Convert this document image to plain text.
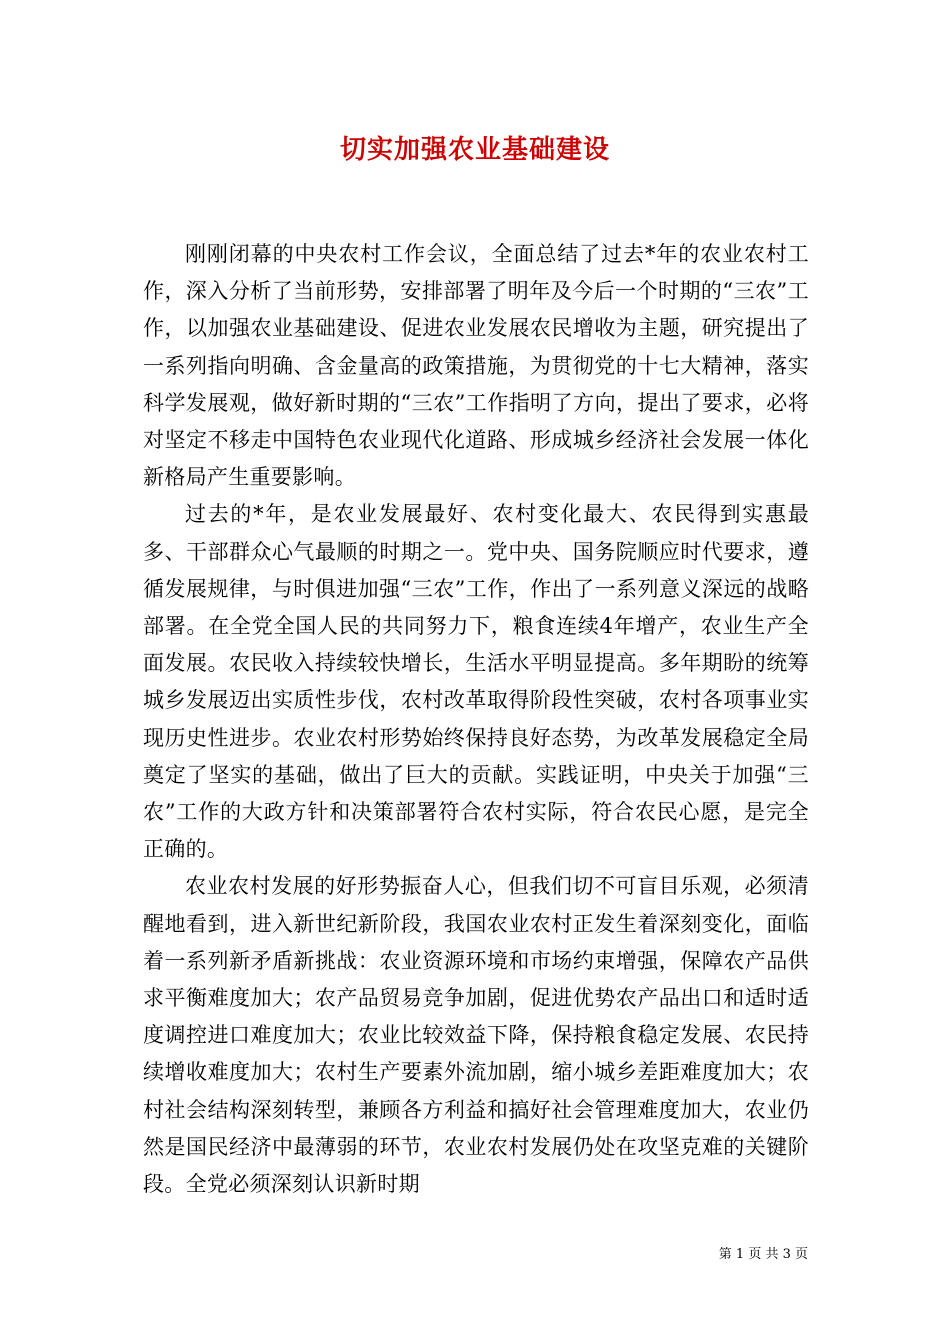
切实加强农业基础建设

刚刚闭幕的中央农村工作会议，全面总结了过去*年的农业农村工作，深入分析了当前形势，安排部署了明年及今后一个时期的“三农”工作，以加强农业基础建设、促进农业发展农民增收为主题，研究提出了一系列指向明确、含金量高的政策措施，为贯彻党的十七大精神，落实科学发展观，做好新时期的“三农”工作指明了方向，提出了要求，必将对坚定不移走中国特色农业现代化道路、形成城乡经济社会发展一体化新格局产生重要影响。

过去的*年，是农业发展最好、农村变化最大、农民得到实惠最多、干部群众心气最顺的时期之一。党中央、国务院顺应时代要求，遵循发展规律，与时俱进加强“三农”工作，作出了一系列意义深远的战略部署。在全党全国人民的共同努力下，粮食连续4年增产，农业生产全面发展。农民收入持续较快增长，生活水平明显提高。多年期盼的统筹城乡发展迈出实质性步伐，农村改革取得阶段性突破，农村各项事业实现历史性进步。农业农村形势始终保持良好态势，为改革发展稳定全局奠定了坚实的基础，做出了巨大的贡献。实践证明，中央关于加强“三农”工作的大政方针和决策部署符合农村实际，符合农民心愿，是完全正确的。

农业农村发展的好形势振奋人心，但我们切不可盲目乐观，必须清醒地看到，进入新世纪新阶段，我国农业农村正发生着深刻变化，面临着一系列新矛盾新挑战：农业资源环境和市场约束增强，保障农产品供求平衡难度加大；农产品贸易竞争加剧，促进优势农产品出口和适时适度调控进口难度加大；农业比较效益下降，保持粮食稳定发展、农民持续增收难度加大；农村生产要素外流加剧，缩小城乡差距难度加大；农村社会结构深刻转型，兼顾各方利益和搞好社会管理难度加大，农业仍然是国民经济中最薄弱的环节，农业农村发展仍处在攻坚克难的关键阶段。全党必须深刻认识新时期

第 1 页 共 3 页
